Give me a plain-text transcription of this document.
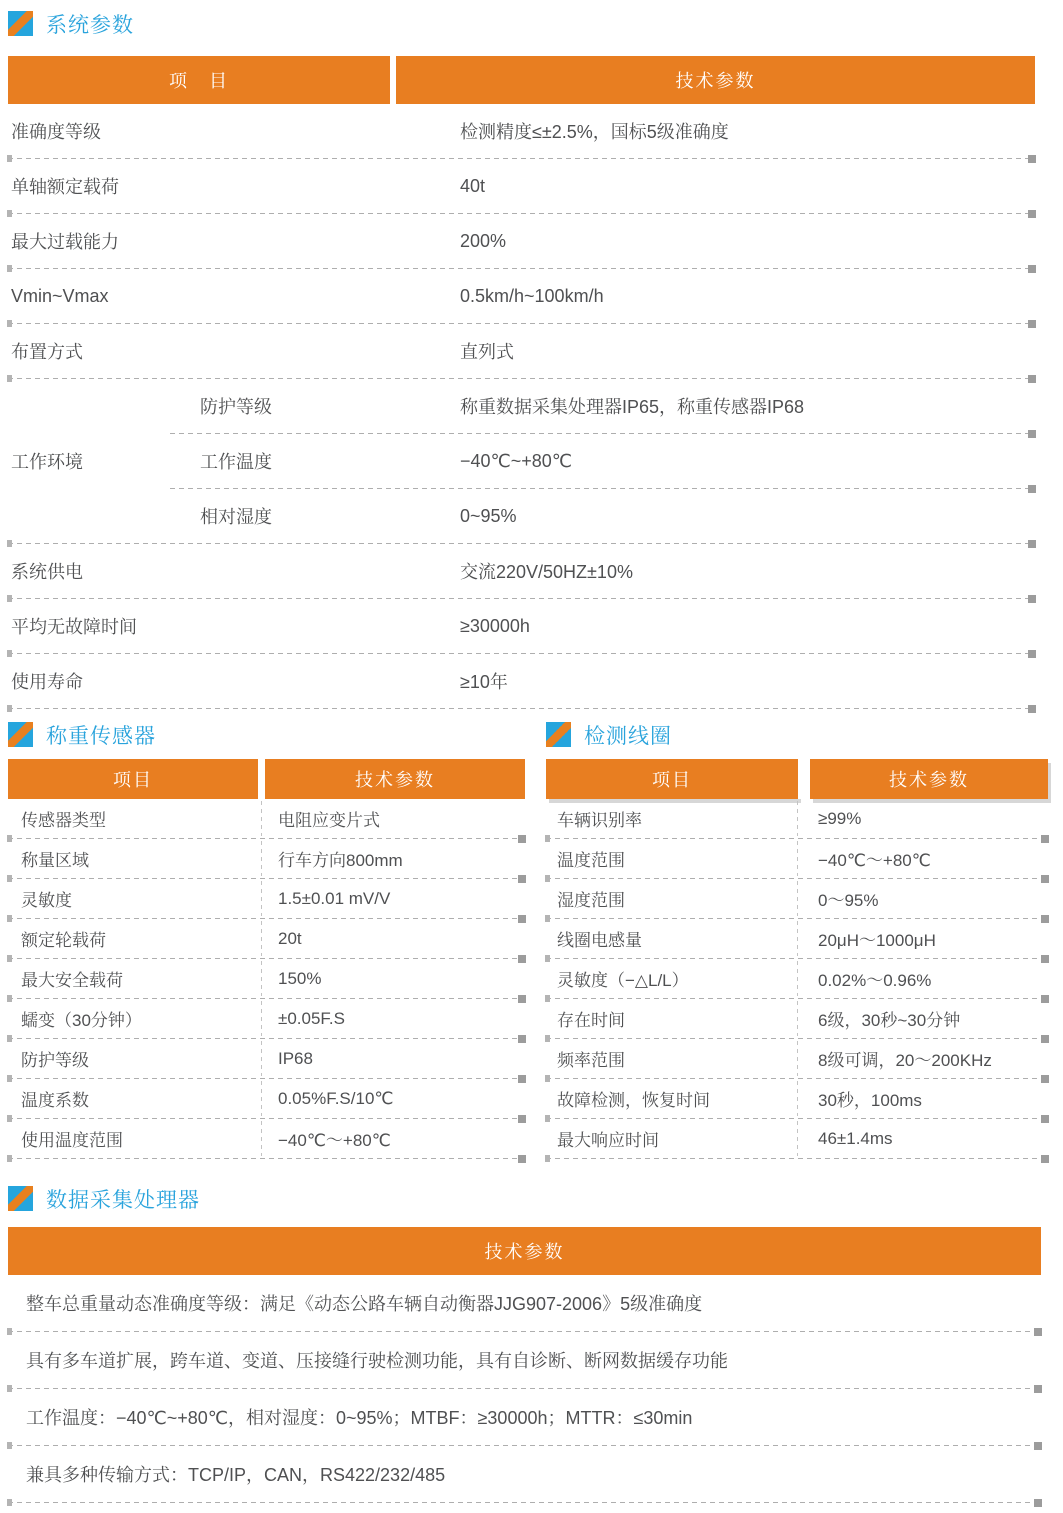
系统参数
项　目	技术参数
准确度等级	检测精度≤±2.5%，国标5级准确度
单轴额定载荷	40t
最大过载能力	200%
Vmin~Vmax	0.5km/h~100km/h
布置方式	直列式
工作环境
防护等级	称重数据采集处理器IP65，称重传感器IP68
工作温度	−40℃~+80℃
相对湿度	0~95%
系统供电	交流220V/50HZ±10%
平均无故障时间	≥30000h
使用寿命	≥10年
称重传感器
项目	技术参数
传感器类型	电阻应变片式
称量区域	行车方向800mm
灵敏度	1.5±0.01 mV/V
额定轮载荷	20t
最大安全载荷	150%
蠕变（30分钟）	±0.05F.S
防护等级	IP68
温度系数	0.05%F.S/10℃
使用温度范围	−40℃～+80℃
检测线圈
项目	技术参数
车辆识别率	≥99%
温度范围	−40℃～+80℃
湿度范围	0～95%
线圈电感量	20μH～1000μH
灵敏度（−△L/L）	0.02%～0.96%
存在时间	6级，30秒~30分钟
频率范围	8级可调，20～200KHz
故障检测，恢复时间	30秒，100ms
最大响应时间	46±1.4ms
数据采集处理器
技术参数
整车总重量动态准确度等级：满足《动态公路车辆自动衡器JJG907-2006》5级准确度
具有多车道扩展，跨车道、变道、压接缝行驶检测功能，具有自诊断、断网数据缓存功能
工作温度：−40℃~+80℃，相对湿度：0~95%；MTBF：≥30000h；MTTR：≤30min
兼具多种传输方式：TCP/IP，CAN，RS422/232/485
